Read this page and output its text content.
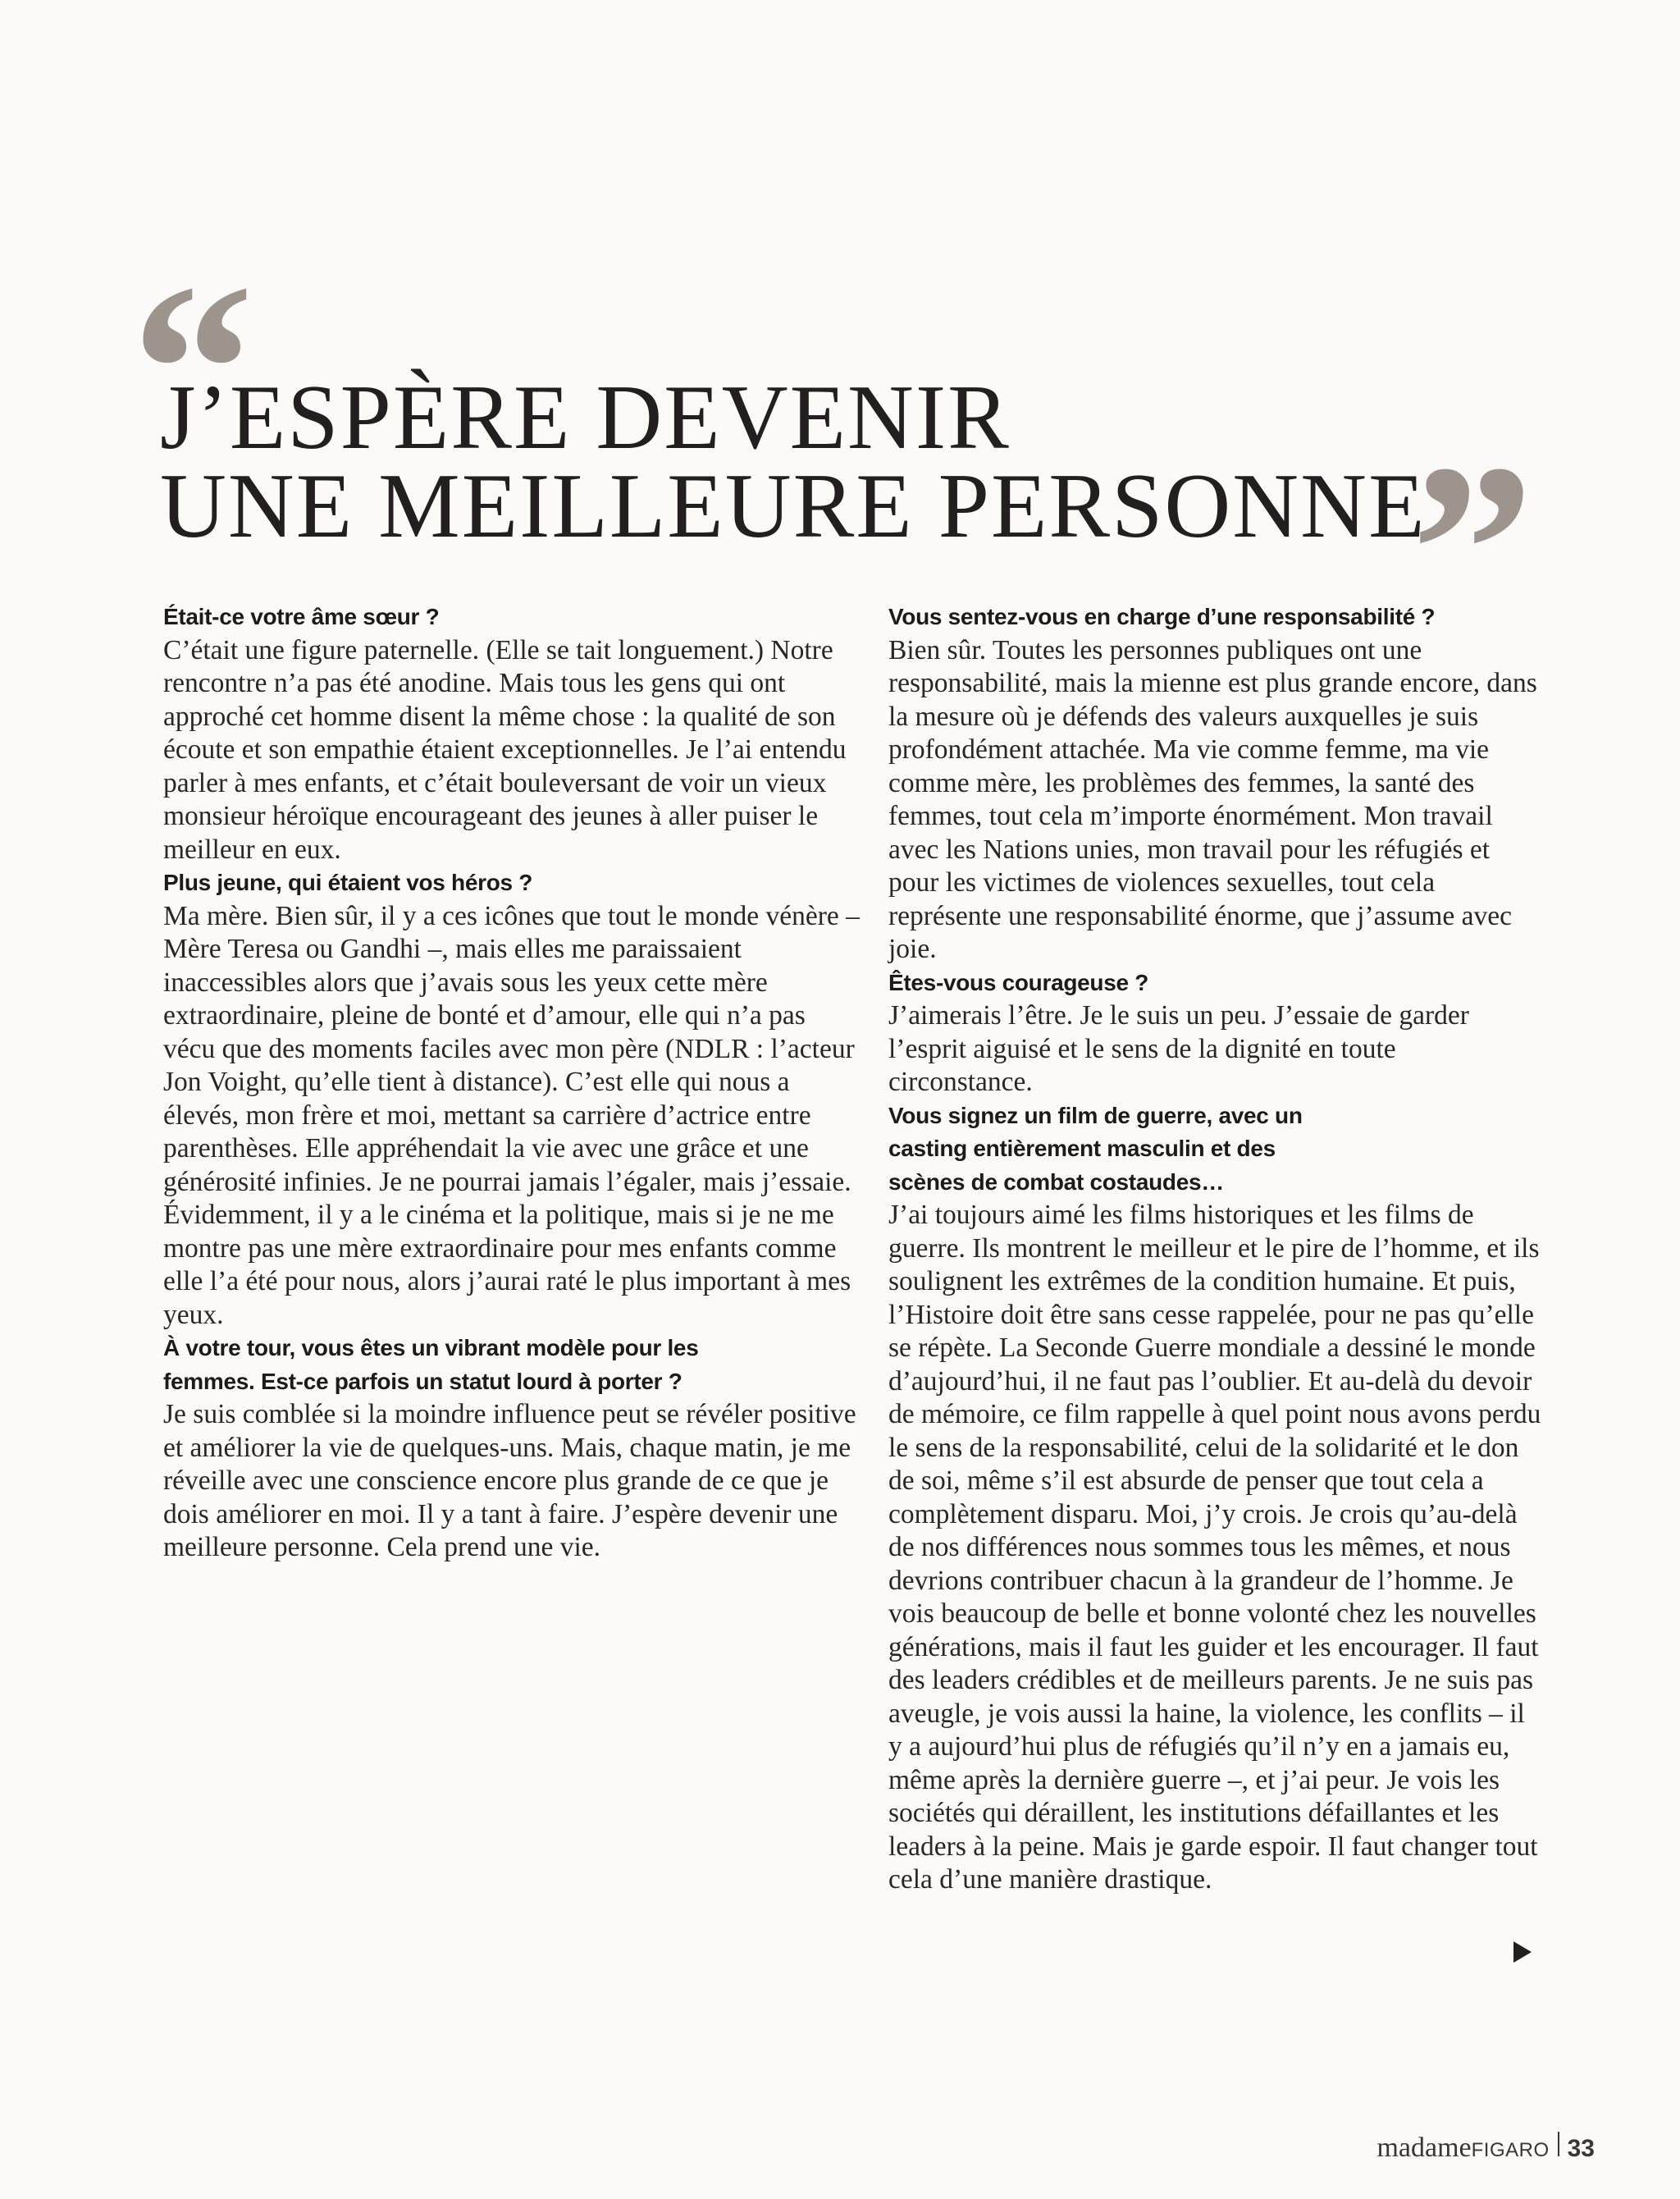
“
J’ESPÈRE DEVENIR
UNE MEILLEURE PERSONNE
”

Était-ce votre âme sœur ?

C’était une figure paternelle. (Elle se tait longuement.) Notre rencontre n’a pas été anodine. Mais tous les gens qui ont approché cet homme disent la même chose : la qualité de son écoute et son empathie étaient exceptionnelles. Je l’ai entendu parler à mes enfants, et c’était bouleversant de voir un vieux monsieur héroïque encourageant des jeunes à aller puiser le meilleur en eux.

Plus jeune, qui étaient vos héros ?

Ma mère. Bien sûr, il y a ces icônes que tout le monde vénère – Mère Teresa ou Gandhi –, mais elles me paraissaient inaccessibles alors que j’avais sous les yeux cette mère extraordinaire, pleine de bonté et d’amour, elle qui n’a pas vécu que des moments faciles avec mon père (NDLR : l’acteur Jon Voight, qu’elle tient à distance). C’est elle qui nous a élevés, mon frère et moi, mettant sa carrière d’actrice entre parenthèses. Elle appréhendait la vie avec une grâce et une générosité infinies. Je ne pourrai jamais l’égaler, mais j’essaie. Évidemment, il y a le cinéma et la politique, mais si je ne me montre pas une mère extraordinaire pour mes enfants comme elle l’a été pour nous, alors j’aurai raté le plus important à mes yeux.

À votre tour, vous êtes un vibrant modèle pour les femmes. Est-ce parfois un statut lourd à porter ?

Je suis comblée si la moindre influence peut se révéler positive et améliorer la vie de quelques-uns. Mais, chaque matin, je me réveille avec une conscience encore plus grande de ce que je dois améliorer en moi. Il y a tant à faire. J’espère devenir une meilleure personne. Cela prend une vie.

Vous sentez-vous en charge d’une responsabilité ?

Bien sûr. Toutes les personnes publiques ont une responsabilité, mais la mienne est plus grande encore, dans la mesure où je défends des valeurs auxquelles je suis profondément attachée. Ma vie comme femme, ma vie comme mère, les problèmes des femmes, la santé des femmes, tout cela m’importe énormément. Mon travail avec les Nations unies, mon travail pour les réfugiés et pour les victimes de violences sexuelles, tout cela représente une responsabilité énorme, que j’assume avec joie.

Êtes-vous courageuse ?

J’aimerais l’être. Je le suis un peu. J’essaie de garder l’esprit aiguisé et le sens de la dignité en toute circonstance.

Vous signez un film de guerre, avec un casting entièrement masculin et des scènes de combat costaudes…

J’ai toujours aimé les films historiques et les films de guerre. Ils montrent le meilleur et le pire de l’homme, et ils soulignent les extrêmes de la condition humaine. Et puis, l’Histoire doit être sans cesse rappelée, pour ne pas qu’elle se répète. La Seconde Guerre mondiale a dessiné le monde d’aujourd’hui, il ne faut pas l’oublier. Et au-delà du devoir de mémoire, ce film rappelle à quel point nous avons perdu le sens de la responsabilité, celui de la solidarité et le don de soi, même s’il est absurde de penser que tout cela a complètement disparu. Moi, j’y crois. Je crois qu’au-delà de nos différences nous sommes tous les mêmes, et nous devrions contribuer chacun à la grandeur de l’homme. Je vois beaucoup de belle et bonne volonté chez les nouvelles générations, mais il faut les guider et les encourager. Il faut des leaders crédibles et de meilleurs parents. Je ne suis pas aveugle, je vois aussi la haine, la violence, les conflits – il y a aujourd’hui plus de réfugiés qu’il n’y en a jamais eu, même après la dernière guerre –, et j’ai peur. Je vois les sociétés qui déraillent, les institutions défaillantes et les leaders à la peine. Mais je garde espoir. Il faut changer tout cela d’une manière drastique.

madame FIGARO 33
